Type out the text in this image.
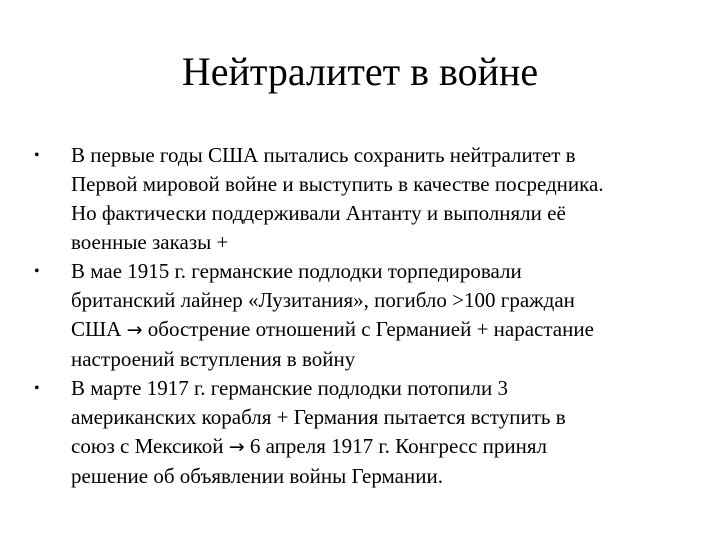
Нейтралитет в войне
•	В первые годы США пытались сохранить нейтралитет в
Первой мировой войне и выступить в качестве посредника.
Но фактически поддерживали Антанту и выполняли её
военные заказы +
•	В мае 1915 г. германские подлодки торпедировали
британский лайнер «Лузитания», погибло >100 граждан
США → обострение отношений с Германией + нарастание
настроений вступления в войну
•	В марте 1917 г. германские подлодки потопили 3
американских корабля + Германия пытается вступить в
союз с Мексикой → 6 апреля 1917 г. Конгресс принял
решение об объявлении войны Германии.
